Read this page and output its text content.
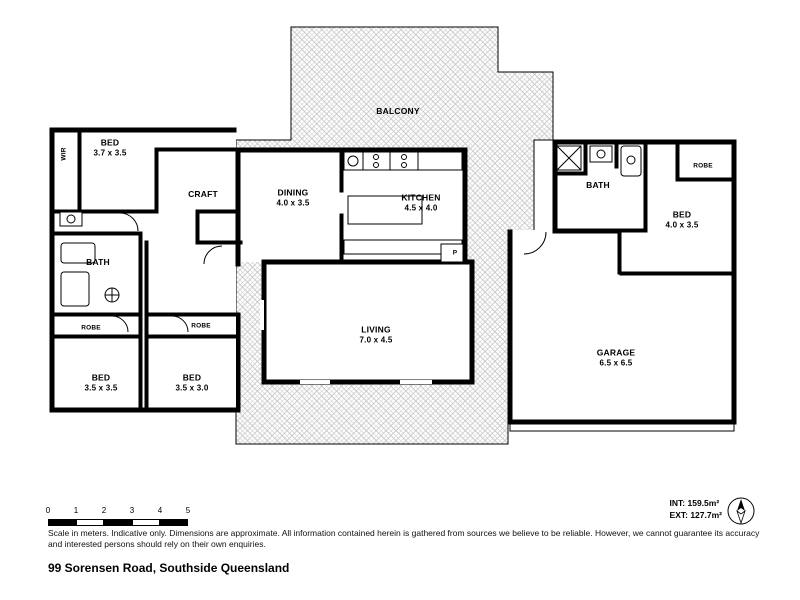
BALCONY
BED
3.7 x 3.5
WIR
CRAFT	DINING
4.0 x 3.5
KITCHEN
4.5 x 4.0
BATH
LIVING
7.0 x 4.5
ROBE	ROBE
BED
3.5 x 3.5
BED
3.5 x 3.0
BATH
ROBE
BED
4.0 x 3.5
GARAGE
6.5 x 6.5
P
0	1	2	3	4	5
Scale in meters. Indicative only. Dimensions are approximate. All information contained herein is gathered from sources we believe to be reliable. However, we cannot guarantee its accuracy and interested persons should rely on their own enquiries.
99 Sorensen Road, Southside Queensland
INT: 159.5m²
EXT: 127.7m²
